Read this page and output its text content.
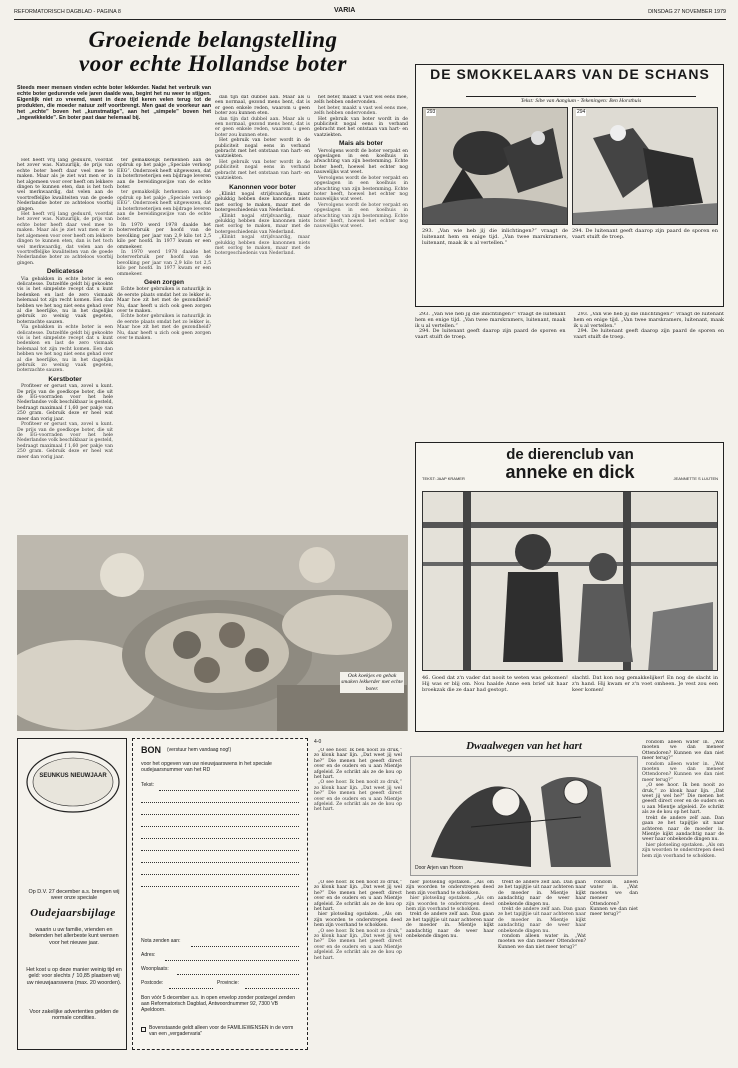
REFORMATORISCH DAGBLAD - PAGINA 8	VARIA	DINSDAG 27 NOVEMBER 1979
Groeiende belangstelling
voor echte Hollandse boter
Steeds meer mensen vinden echte boter lekkerder. Nadat het verbruik van echte boter gedurende vele jaren daalde was, begint het nu weer te stijgen. Eigenlijk niet zo vreemd, want in deze tijd keren velen terug tot de produkten, die moeder natuur zelf voortbrengt. Men gaat de voorkeur aan het „echte” boven het „kunstmatige”, aan het „simpele” boven het „ingewikkelde”. En boter past daar helemaal bij.

Het heeft vrij lang geduurd, voordat het zover was. Natuurlijk, de prijs van echte boter heeft daar veel mee te maken. Maar als je ziet wat men er in het algemeen voor over heeft om lekkere dingen te kunnen eten, dan is het toch wel merkwaardig, dat velen aan de voortreffelijke kwaliteiten van de goede Nederlandse boter zo achteloos voorbij gingen.

Het heeft vrij lang geduurd, voordat het zover was. Natuurlijk, de prijs van echte boter heeft daar veel mee te maken. Maar als je ziet wat men er in het algemeen voor over heeft om lekkere dingen te kunnen eten, dan is het toch wel merkwaardig, dat velen aan de voortreffelijke kwaliteiten van de goede Nederlandse boter zo achteloos voorbij gingen.

Delicatesse

Via gebakken in echte boter is een delicatesse. Datzelfde geldt bij gekookte vis is het simpelste recept dat u kunt bedenken en last de zero vismaak helemaal tot zijn recht komen. Een dan hebben we het nog niet eens gehad over al die heerlijke, nu in het dagelijks gebruik zo weinig vaak gegeten, boterzachte sauzen.

Via gebakken in echte boter is een delicatesse. Datzelfde geldt bij gekookte vis is het simpelste recept dat u kunt bedenken en last de zero vismaak helemaal tot zijn recht komen. Een dan hebben we het nog niet eens gehad over al die heerlijke, nu in het dagelijks gebruik zo weinig vaak gegeten, boterzachte sauzen.

Kerstboter

Profiteer er gerust van, zovel u kunt. De prijs van de goedkope boter, die uit de EG-voorraden voor het hele Nederlandse volk beschikbaar is gesteld, bedraagt maximaal f 1,60 per pakje van 250 gram. Gebruik deze er heel wat meer dan vorig jaar.

Profiteer er gerust van, zovel u kunt. De prijs van de goedkope boter, die uit de EG-voorraden voor het hele Nederlandse volk beschikbaar is gesteld, bedraagt maximaal f 1,60 per pakje van 250 gram. Gebruik deze er heel wat meer dan vorig jaar.

ter gemakkelijk herkennen aan de opdruk op het pakje „Speciale verkoop EEG”. Onderzoek heeft uitgewezen, dat in boterbroeterijen een bijdrage leveren aan de bereidingswijze van de echte boter.

ter gemakkelijk herkennen aan de opdruk op het pakje „Speciale verkoop EEG”. Onderzoek heeft uitgewezen, dat in boterbroeterijen een bijdrage leveren aan de bereidingswijze van de echte boter.

In 1970 werd 1978 daalde het boterverbruik per hoofd van de bevolking per jaar van 2,9 kilo tot 2,5 kilo per hoofd. In 1977 kwam er een ommekeer.

In 1970 werd 1978 daalde het boterverbruik per hoofd van de bevolking per jaar van 2,9 kilo tot 2,5 kilo per hoofd. In 1977 kwam er een ommekeer.

Geen zorgen

Echte boter gebruiken is natuurlijk in de eerste plaats omdat het zo lekker is. Maar hoe zit het met de gezondheid? Nu, daar heeft u zich ook geen zorgen over te maken.

Echte boter gebruiken is natuurlijk in de eerste plaats omdat het zo lekker is. Maar hoe zit het met de gezondheid? Nu, daar heeft u zich ook geen zorgen over te maken.

dan tijn dat dubbel aan. Maar als u een normaal, gezond mens bent, dat is er geen enkele reden, waarom u geen boter zou kunnen eten.

dan tijn dat dubbel aan. Maar als u een normaal, gezond mens bent, dat is er geen enkele reden, waarom u geen boter zou kunnen eten.

Het gebruik van boter wordt in de publiciteit nogal eens in verband gebracht met het ontstaan van hart- en vaatziekten.

Het gebruik van boter wordt in de publiciteit nogal eens in verband gebracht met het ontstaan van hart- en vaatziekten.

Kanonnen voor boter

„Klinkt nogal strijdvaardig, maar gelukkig hebben deze kanonnen niets met oorlog te maken, maar met de botergeschiedenis van Nederland.

„Klinkt nogal strijdvaardig, maar gelukkig hebben deze kanonnen niets met oorlog te maken, maar met de botergeschiedenis van Nederland.

„Klinkt nogal strijdvaardig, maar gelukkig hebben deze kanonnen niets met oorlog te maken, maar met de botergeschiedenis van Nederland.

het beter, maakt u vast wel eens mee, zelfs hebben ondervonden.

het beter, maakt u vast wel eens mee, zelfs hebben ondervonden.

Het gebruik van boter wordt in de publiciteit nogal eens in verband gebracht met het ontstaan van hart- en vaatziekten.

Mais als boter

Vervolgens wordt de boter verpakt en opgeslagen in een koelhuis in afwachting van zijn bestemming. Echte boter heeft, hoewel het echter nog nauwelijks wat weet.

Vervolgens wordt de boter verpakt en opgeslagen in een koelhuis in afwachting van zijn bestemming. Echte boter heeft, hoewel het echter nog nauwelijks wat weet.

Vervolgens wordt de boter verpakt en opgeslagen in een koelhuis in afwachting van zijn bestemming. Echte boter heeft, hoewel het echter nog nauwelijks wat weet.

Ook koekjes en gebak smaken lekkerder met echte boter.
DE SMOKKELAARS VAN DE SCHANS
Tekst: Sibe van Aangium - Tekeningen: Ben Horsthuis
293	294
293. „Van wie heb jij die inlichtingen?” vraagt de luitenant hem en enige tijd. „Van twee marskramers, luitenant, maak ik u al vertellen.”
294. De luitenant geeft daarop zijn paard de sporen en vaart stuift de troep.
de dierenclub van
anneke en dick
TEKST: JAAP KRAMER	JEANNETTE S LUIJTEN
46. Goed dat z'n vader dat nooit te weten was gekomen! Hij was er blij om. Nou haalde Anne een brief uit haar broekzak die ze daar had gestopt.
slachtl. Dat kon nog gemakkelijker! En nog de slacht in z'n hand. Hij kwam er z'n voet omheen. Je vest zou een keer komen!

293. „Van wie heb jij die inlichtingen?” vraagt de luitenant hem en enige tijd. „Van twee marskramers, luitenant, maak ik u al vertellen.”

294. De luitenant geeft daarop zijn paard de sporen en vaart stuift de troep.

293. „Van wie heb jij die inlichtingen?” vraagt de luitenant hem en enige tijd. „Van twee marskramers, luitenant, maak ik u al vertellen.”

294. De luitenant geeft daarop zijn paard de sporen en vaart stuift de troep.

SEUNKUS NIEUWJAAR
Op D.V. 27 december a.s. brengen wij weer onze speciale
Oudejaarsbijlage
waarin u uw familie, vrienden en bekenden het allerbeste kunt wensen voor het nieuwe jaar.
Het kost u op deze manier weinig tijd en geld: voor slechts ƒ 10,85 plaatsen wij uw nieuwjaarswens (max. 20 woorden).
Voor zakelijke advertenties gelden de normale condities.
BON (verstuur hem vandaag nog!)
voor het opgeven van uw nieuwjaarswens in het speciale oudejaarsnummer van het RD
Tekst:
Nota zenden aan:
Adres:
Woonplaats:
Postcode:	Provincie:
Bon vóór 5 december a.s. in open envelop zonder postzegel zenden aan Reformatorisch Dagblad, Antwoordnummer 92, 7300 VB Apeldoorn.
Bovenstaande geldt alleen voor de FAMILIEWENSEN in de vorm van een „vergadervaria”
4-0

„O see hoor. Ik ben nooit zo druk,” zo klonk haar lijn. „Dat weet jij wel he?” Die menen het geeeft direct over en de ouders en u aan Mientje afgeleid. Ze schrikt als ze de kou op het hart.

„O see hoor. Ik ben nooit zo druk,” zo klonk haar lijn. „Dat weet jij wel he?” Die menen het geeeft direct over en de ouders en u aan Mientje afgeleid. Ze schrikt als ze de kou op het hart.

Dwaalwegen van het hart
Door Arjen van Hoorn

„O see hoor. Ik ben nooit zo druk,” zo klonk haar lijn. „Dat weet jij wel he?” Die menen het geeeft direct over en de ouders en u aan Mientje afgeleid. Ze schrikt als ze de kou op het hart.

hier plotseling opstaken. „Als om zijn woorden te onderstrepen deed hem zijn voorhand te schokken.

„O see hoor. Ik ben nooit zo druk,” zo klonk haar lijn. „Dat weet jij wel he?” Die menen het geeeft direct over en de ouders en u aan Mientje afgeleid. Ze schrikt als ze de kou op het hart.

hier plotseling opstaken. „Als om zijn woorden te onderstrepen deed hem zijn voorhand te schokken.

hier plotseling opstaken. „Als om zijn woorden te onderstrepen deed hem zijn voorhand te schokken.

trekt de andere zelf aan. Dan gaan ze het tapijtjie uit naar achteren naar de moeder in. Mientje kijkt aandachtig naar de weer haar onbekende dingen nu.

trekt de andere zelf aan. Dan gaan ze het tapijtjie uit naar achteren naar de moeder in. Mientje kijkt aandachtig naar de weer haar onbekende dingen nu.

trekt de andere zelf aan. Dan gaan ze het tapijtjie uit naar achteren naar de moeder in. Mientje kijkt aandachtig naar de weer haar onbekende dingen nu.

rondom alleen water in. „Wat moeten we dan meneer Ottendoren? Kunnen we dan niet meer terug?”

rondom alleen water in. „Wat moeten we dan meneer Ottendoren? Kunnen we dan niet meer terug?”

rondom alleen water in. „Wat moeten we dan meneer Ottendoren? Kunnen we dan niet meer terug?”

„O see hoor. Ik ben nooit zo druk,” zo klonk haar lijn. „Dat weet jij wel he?” Die menen het geeeft direct over en de ouders en u aan Mientje afgeleid. Ze schrikt als ze de kou op het hart.

trekt de andere zelf aan. Dan gaan ze het tapijtjie uit naar achteren naar de moeder in. Mientje kijkt aandachtig naar de weer haar onbekende dingen nu.

hier plotseling opstaken. „Als om zijn woorden te onderstrepen deed hem zijn voorhand te schokken.

rondom alleen water in. „Wat moeten we dan meneer Ottendoren? Kunnen we dan niet meer terug?”
